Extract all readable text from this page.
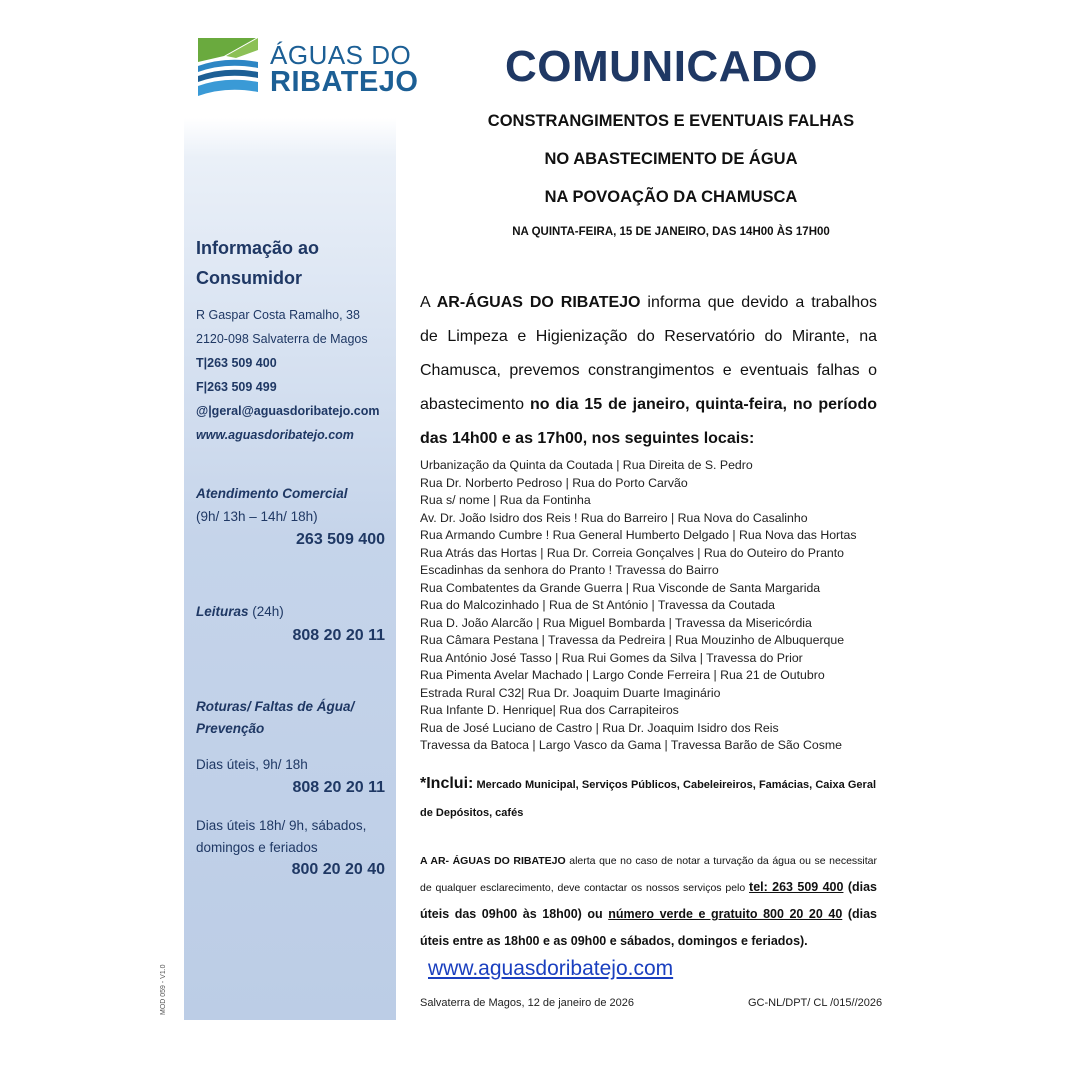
ÁGUAS DO
RIBATEJO COMUNICADO
CONSTRANGIMENTOS E EVENTUAIS FALHAS
NO ABASTECIMENTO DE ÁGUA
NA POVOAÇÃO DA CHAMUSCA
NA QUINTA-FEIRA, 15 DE JANEIRO, DAS 14H00 ÀS 17H00
Informação ao
Consumidor
R Gaspar Costa Ramalho, 38
2120-098 Salvaterra de Magos
T|263 509 400
F|263 509 499
@|geral@aguasdoribatejo.com
www.aguasdoribatejo.com
Atendimento Comercial
(9h/ 13h – 14h/ 18h)
263 509 400
Leituras (24h)
808 20 20 11
Roturas/ Faltas de Água/
Prevenção
Dias úteis, 9h/ 18h
808 20 20 11
Dias úteis 18h/ 9h, sábados,
domingos e feriados
800 20 20 40
A AR-ÁGUAS DO RIBATEJO informa que devido a trabalhos de Limpeza e Higienização do Reservatório do Mirante, na Chamusca, prevemos constrangimentos e eventuais falhas o abastecimento no dia 15 de janeiro, quinta-feira, no período das 14h00 e as 17h00, nos seguintes locais:
Urbanização da Quinta da Coutada | Rua Direita de S. Pedro
Rua Dr. Norberto Pedroso | Rua do Porto Carvão
Rua s/ nome | Rua da Fontinha
Av. Dr. João Isidro dos Reis ! Rua do Barreiro | Rua Nova do Casalinho
Rua Armando Cumbre ! Rua General Humberto Delgado | Rua Nova das Hortas
Rua Atrás das Hortas | Rua Dr. Correia Gonçalves | Rua do Outeiro do Pranto
Escadinhas da senhora do Pranto ! Travessa do Bairro
Rua Combatentes da Grande Guerra | Rua Visconde de Santa Margarida
Rua do Malcozinhado | Rua de St António | Travessa da Coutada
Rua D. João Alarcão | Rua Miguel Bombarda | Travessa da Misericórdia
Rua Câmara Pestana | Travessa da Pedreira | Rua Mouzinho de Albuquerque
Rua António José Tasso | Rua Rui Gomes da Silva | Travessa do Prior
Rua Pimenta Avelar Machado | Largo Conde Ferreira | Rua 21 de Outubro
Estrada Rural C32| Rua Dr. Joaquim Duarte Imaginário
Rua Infante D. Henrique| Rua dos Carrapiteiros
Rua de José Luciano de Castro | Rua Dr. Joaquim Isidro dos Reis
Travessa da Batoca | Largo Vasco da Gama | Travessa Barão de São Cosme
*Inclui: Mercado Municipal, Serviços Públicos, Cabeleireiros, Famácias, Caixa Geral de Depósitos, cafés
A AR- ÁGUAS DO RIBATEJO alerta que no caso de notar a turvação da água ou se necessitar de qualquer esclarecimento, deve contactar os nossos serviços pelo tel: 263 509 400 (dias úteis das 09h00 às 18h00) ou número verde e gratuito 800 20 20 40 (dias úteis entre as 18h00 e as 09h00 e sábados, domingos e feriados).
www.aguasdoribatejo.com
Salvaterra de Magos, 12 de janeiro de 2026	GC-NL/DPT/ CL /015//2026
MOD 059 - V1.0
